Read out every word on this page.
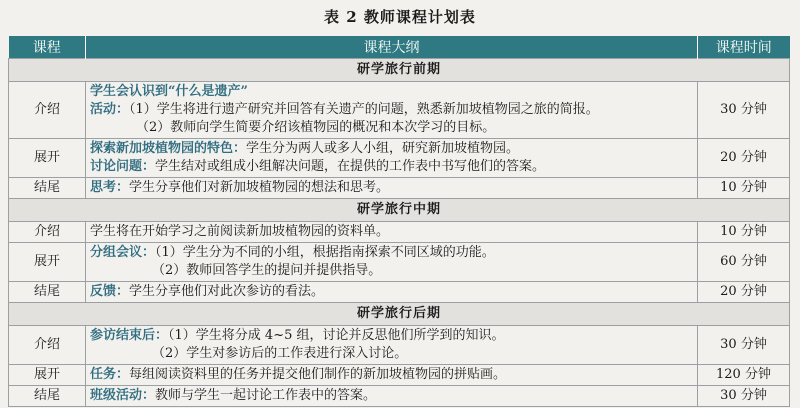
表 2 教师课程计划表
课程	课程大纲	课程时间
研学旅行前期		
介绍	学生会认识到“什么是遗产”
活动：（1）学生将进行遗产研究并回答有关遗产的问题，熟悉新加坡植物园之旅的简报。
（2）教师向学生简要介绍该植物园的概况和本次学习的目标。	30 分钟
展开	探索新加坡植物园的特色：学生分为两人或多人小组，研究新加坡植物园。
讨论问题：学生结对或组成小组解决问题，在提供的工作表中书写他们的答案。	20 分钟
结尾	思考：学生分享他们对新加坡植物园的想法和思考。	10 分钟
研学旅行中期		
介绍	学生将在开始学习之前阅读新加坡植物园的资料单。	10 分钟
展开	分组会议：（1）学生分为不同的小组，根据指南探索不同区域的功能。
（2）教师回答学生的提问并提供指导。	60 分钟
结尾	反馈：学生分享他们对此次参访的看法。	20 分钟
研学旅行后期		
介绍	参访结束后：（1）学生将分成 4~5 组，讨论并反思他们所学到的知识。
（2）学生对参访后的工作表进行深入讨论。	30 分钟
展开	任务：每组阅读资料里的任务并提交他们制作的新加坡植物园的拼贴画。	120 分钟
结尾	班级活动：教师与学生一起讨论工作表中的答案。	30 分钟
